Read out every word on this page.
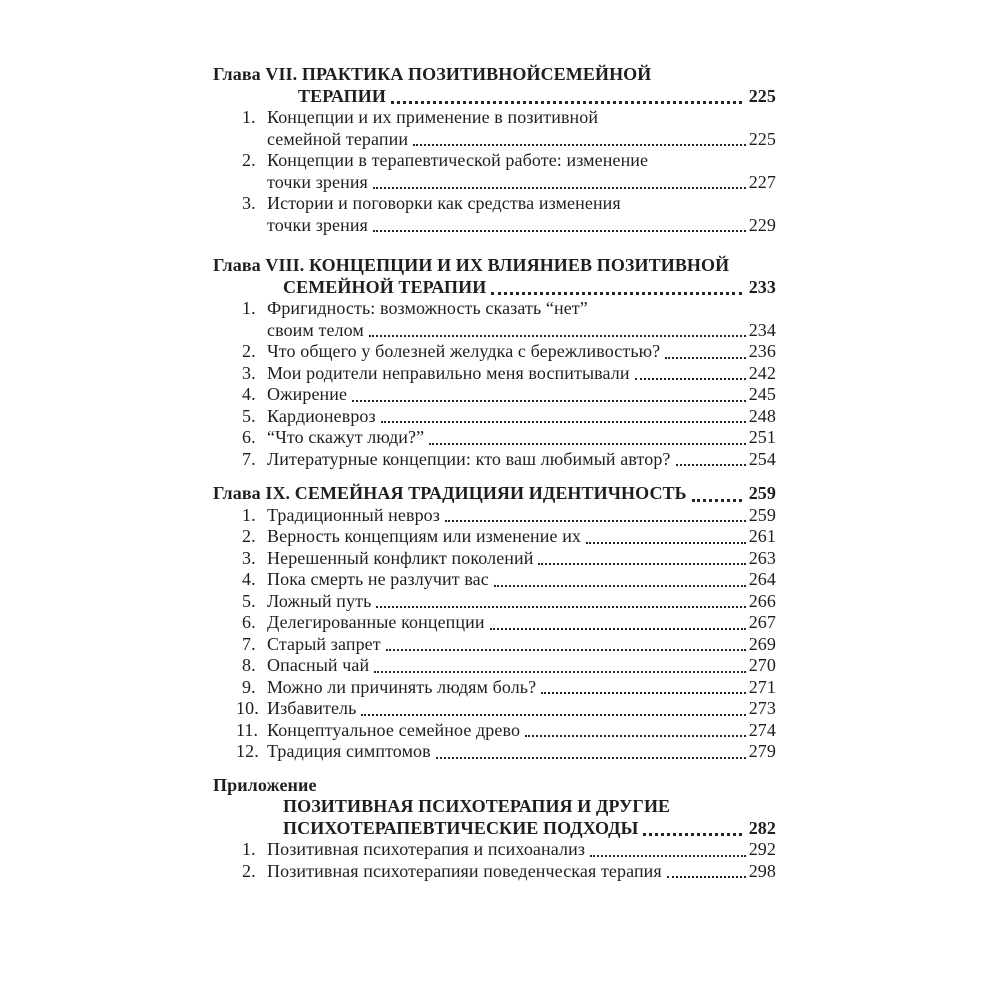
Глава VII. ПРАКТИКА ПОЗИТИВНОЙСЕМЕЙНОЙ
ТЕРАПИИ	225
1. Концепции и их применение в позитивной
семейной терапии	225
2. Концепции в терапевтической работе: изменение
точки зрения	227
3. Истории и поговорки как средства изменения
точки зрения	229
Глава VIII. КОНЦЕПЦИИ И ИХ ВЛИЯНИЕВ ПОЗИТИВНОЙ
СЕМЕЙНОЙ ТЕРАПИИ	233
1. Фригидность: возможность сказать “нет”
своим телом	234
2. Что общего у болезней желудка с бережливостью?	236
3. Мои родители неправильно меня воспитывали	242
4. Ожирение	245
5. Кардионевроз	248
6. “Что скажут люди?”	251
7. Литературные концепции: кто ваш любимый автор?	254
Глава IX. СЕМЕЙНАЯ ТРАДИЦИЯИ ИДЕНТИЧНОСТЬ	259
1. Традиционный невроз	259
2. Верность концепциям или изменение их	261
3. Нерешенный конфликт поколений	263
4. Пока смерть не разлучит вас	264
5. Ложный путь	266
6. Делегированные концепции	267
7. Старый запрет	269
8. Опасный чай	270
9. Можно ли причинять людям боль?	271
10. Избавитель	273
11. Концептуальное семейное древо	274
12. Традиция симптомов	279
Приложение
ПОЗИТИВНАЯ ПСИХОТЕРАПИЯ И ДРУГИЕ
ПСИХОТЕРАПЕВТИЧЕСКИЕ ПОДХОДЫ	282
1. Позитивная психотерапия и психоанализ	292
2. Позитивная психотерапияи поведенческая терапия	298
